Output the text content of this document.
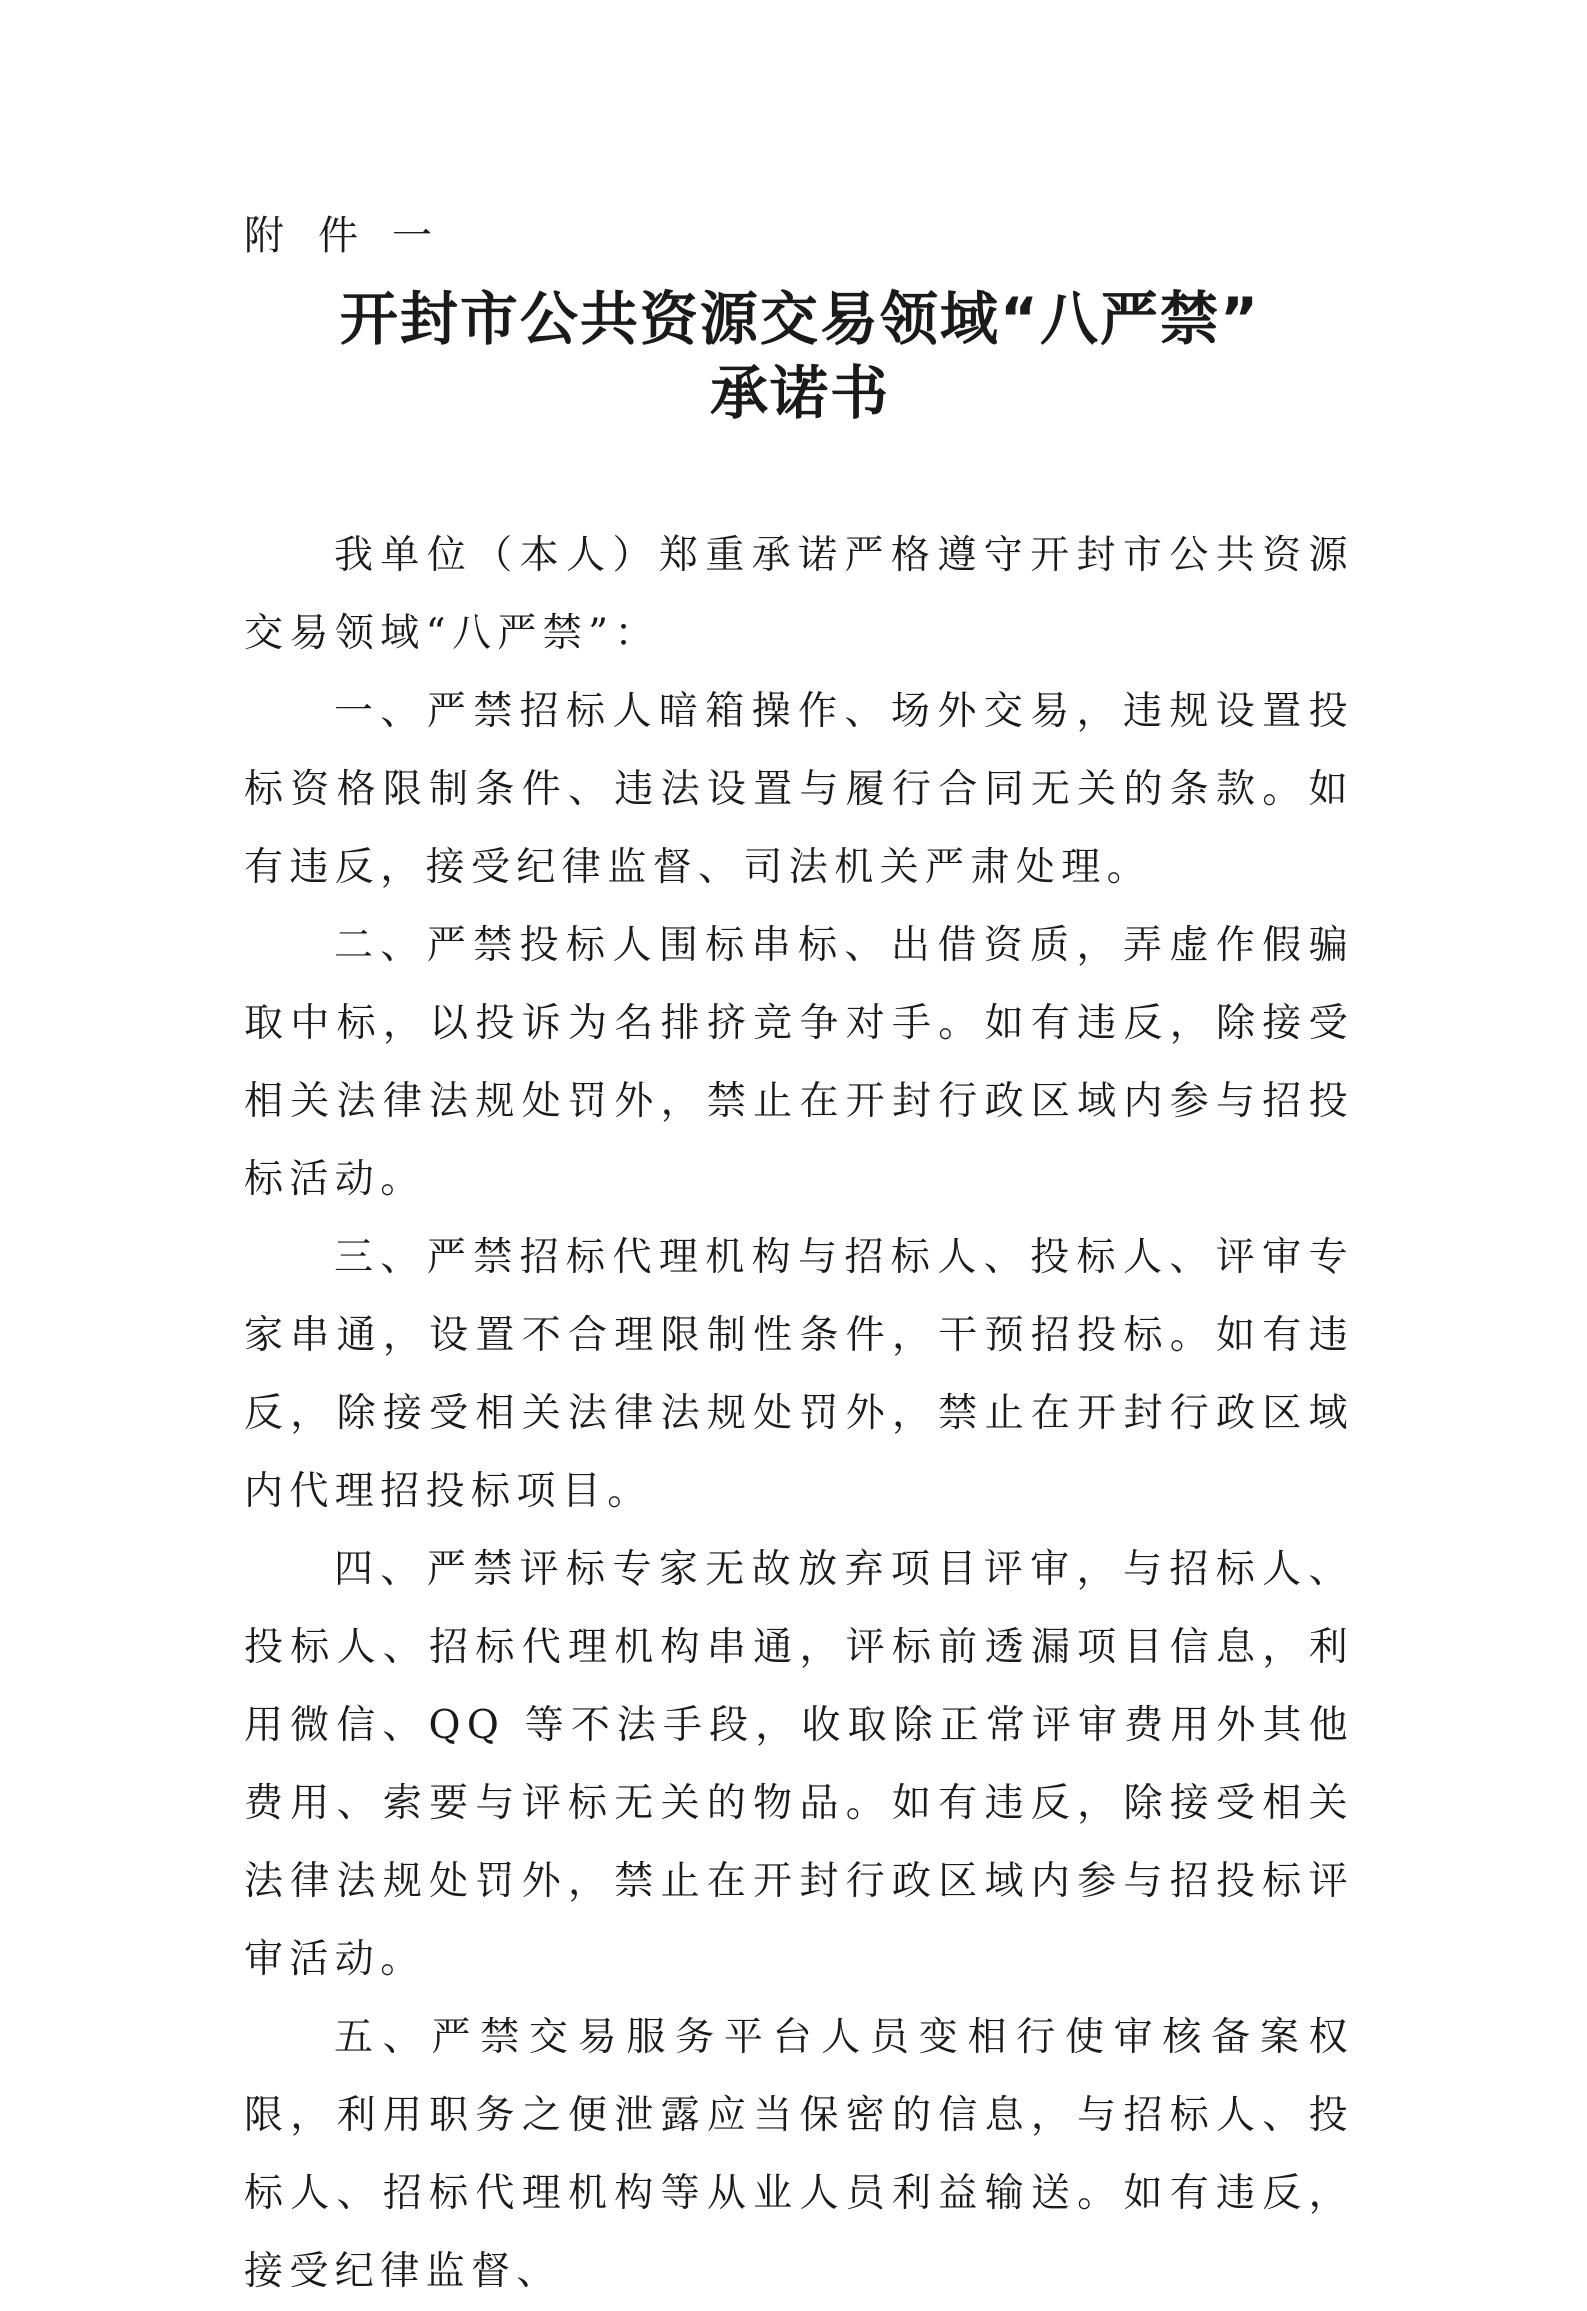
附件一

开封市公共资源交易领域“八严禁”
承诺书

我单位（本人）郑重承诺严格遵守开封市公共资源交易领域“八严禁”：

一、严禁招标人暗箱操作、场外交易，违规设置投标资格限制条件、违法设置与履行合同无关的条款。如有违反，接受纪律监督、司法机关严肃处理。

二、严禁投标人围标串标、出借资质，弄虚作假骗取中标，以投诉为名排挤竞争对手。如有违反，除接受相关法律法规处罚外，禁止在开封行政区域内参与招投标活动。

三、严禁招标代理机构与招标人、投标人、评审专家串通，设置不合理限制性条件，干预招投标。如有违反，除接受相关法律法规处罚外，禁止在开封行政区域内代理招投标项目。

四、严禁评标专家无故放弃项目评审，与招标人、投标人、招标代理机构串通，评标前透漏项目信息，利用微信、QQ 等不法手段，收取除正常评审费用外其他费用、索要与评标无关的物品。如有违反，除接受相关法律法规处罚外，禁止在开封行政区域内参与招投标评审活动。

五、严禁交易服务平台人员变相行使审核备案权限，利用职务之便泄露应当保密的信息，与招标人、投标人、招标代理机构等从业人员利益输送。如有违反，接受纪律监督、
